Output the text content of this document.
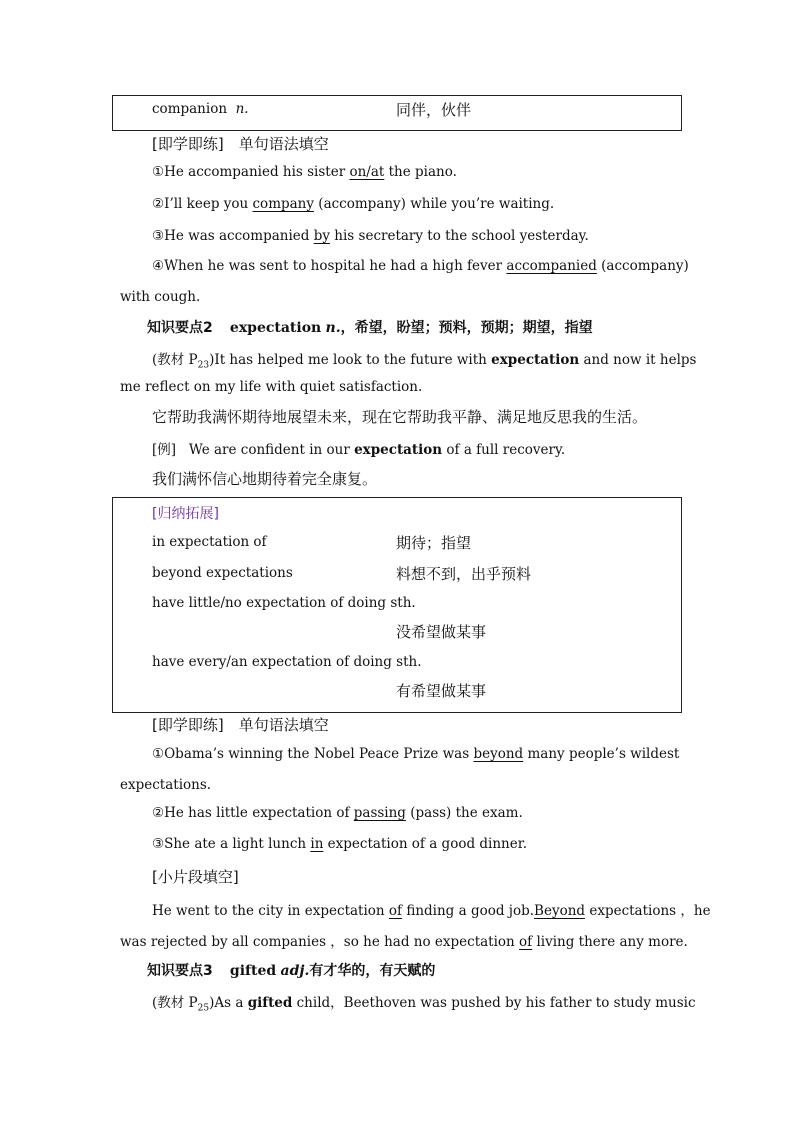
companion n.	同伴，伙伴
[即学即练]　单句语法填空
①He accompanied his sister on/at the piano.
②I’ll keep you company (accompany) while you’re waiting.
③He was accompanied by his secretary to the school yesterday.
④When he was sent to hospital he had a high fever accompanied (accompany)
with cough.
知识要点2 expectation n.，希望，盼望；预料，预期；期望，指望
(教材 $P_{23})It$ has helped me look to the future with expectation and now it helps
me reflect on my life with quiet satisfaction.
它帮助我满怀期待地展望未来，现在它帮助我平静、满足地反思我的生活。
[例] We are confident in our expectation of a full recovery.
我们满怀信心地期待着完全康复。
[归纳拓展]
in expectation of	期待；指望
beyond expectations	料想不到，出乎预料
have little/no expectation of doing sth.
没希望做某事
have every/an expectation of doing sth.
有希望做某事
[即学即练]　单句语法填空
①Obama’s winning the Nobel Peace Prize was beyond many people’s wildest
expectations.
②He has little expectation of passing (pass) the exam.
③She ate a light lunch in expectation of a good dinner.
[小片段填空]
He went to the city in expectation of finding a good job.Beyond expectations ，he
was rejected by all companies ，so he had no expectation of living there any more.
知识要点3 gifted adj.有才华的，有天赋的
(教材 $P_{25})As$ a gifted child，Beethoven was pushed by his father to study music
